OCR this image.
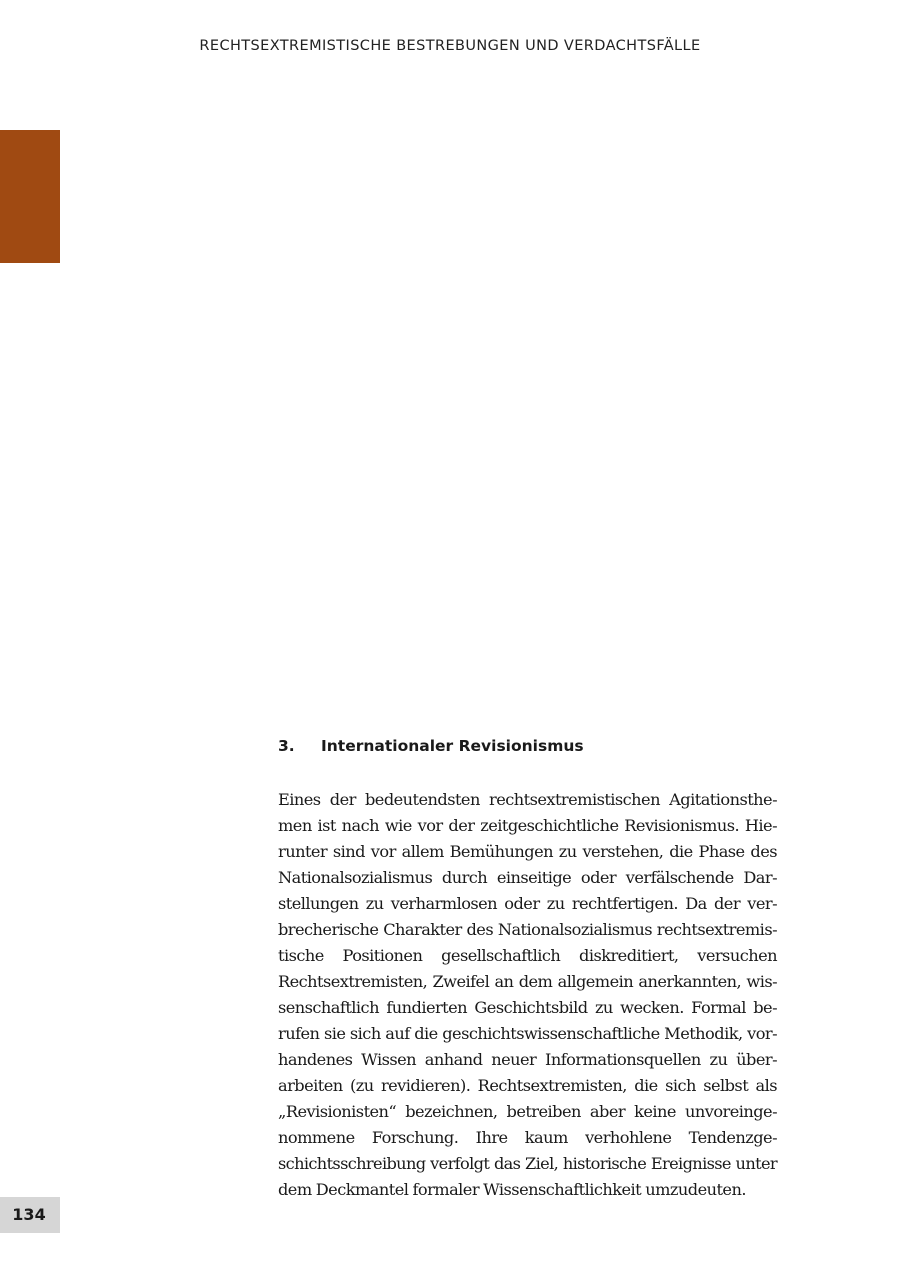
RECHTSEXTREMISTISCHE BESTREBUNGEN UND VERDACHTSFÄLLE
3. Internationaler Revisionismus
Eines der bedeutendsten rechtsextremistischen Agitationsthe-
men ist nach wie vor der zeitgeschichtliche Revisionismus. Hie-
runter sind vor allem Bemühungen zu verstehen, die Phase des
Nationalsozialismus durch einseitige oder verfälschende Dar-
stellungen zu verharmlosen oder zu rechtfertigen. Da der ver-
brecherische Charakter des Nationalsozialismus rechtsextremis-
tische Positionen gesellschaftlich diskreditiert, versuchen
Rechtsextremisten, Zweifel an dem allgemein anerkannten, wis-
senschaftlich fundierten Geschichtsbild zu wecken. Formal be-
rufen sie sich auf die geschichtswissenschaftliche Methodik, vor-
handenes Wissen anhand neuer Informationsquellen zu über-
arbeiten (zu revidieren). Rechtsextremisten, die sich selbst als
„Revisionisten“ bezeichnen, betreiben aber keine unvoreinge-
nommene Forschung. Ihre kaum verhohlene Tendenzge-
schichtsschreibung verfolgt das Ziel, historische Ereignisse unter
dem Deckmantel formaler Wissenschaftlichkeit umzudeuten.
134
